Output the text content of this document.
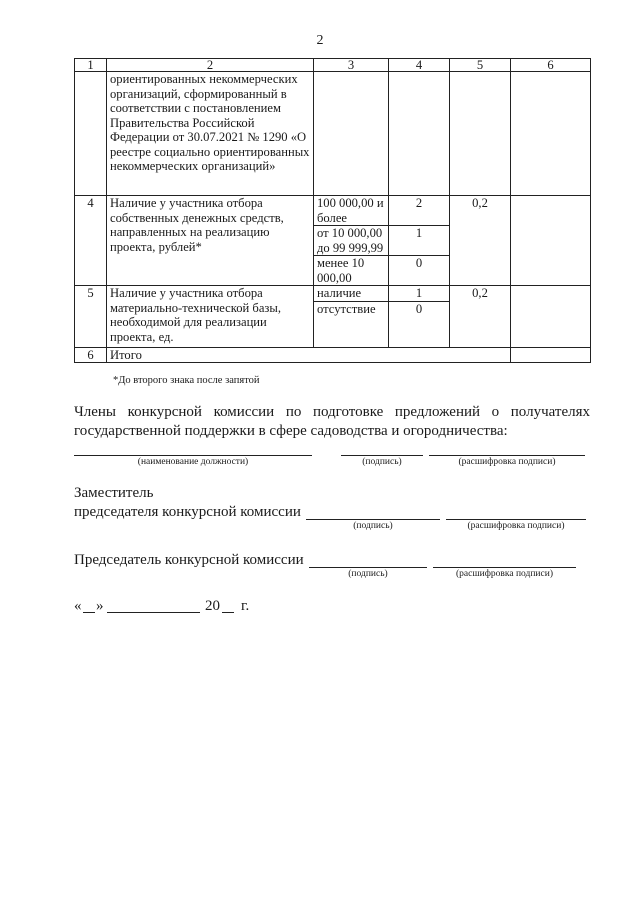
2
1	2	3	4	5	6
	ориентированных некоммерческих организаций, сформированный в соответствии с постановлением Правительства Российской Федерации от 30.07.2021 № 1290 «О реестре социально ориентированных некоммерческих организаций»				
4	Наличие у участника отбора собственных денежных средств, направленных на реализацию проекта, рублей*	100 000,00 и более	2	0,2	
		от 10 000,00 до 99 999,99	1		
		менее 10 000,00	0		
5	Наличие у участника отбора материально-технической базы, необходимой для реализации проекта, ед.	наличие	1	0,2	
		отсутствие	0		
6	Итого				
*До второго знака после запятой
Члены конкурсной комиссии по подготовке предложений о получателях
государственной поддержки в сфере садоводства и огородничества:
(наименование должности)	(подпись)	(расшифровка подписи)
Заместитель
председателя конкурсной комиссии
(подпись)	(расшифровка подписи)
Председатель конкурсной комиссии
(подпись)	(расшифровка подписи)
« »	20 г.
